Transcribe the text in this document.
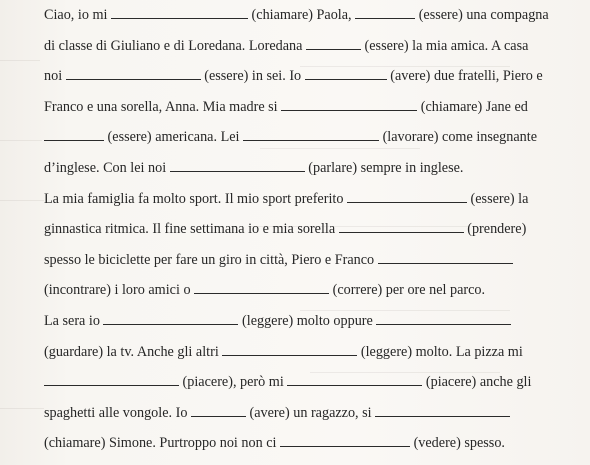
Ciao, io mi	(chiamare) Paola,	(essere) una compagna
di classe di Giuliano e di Loredana. Loredana	(essere) la mia amica. A casa
noi	(essere) in sei. Io	(avere) due fratelli, Piero e
Franco e una sorella, Anna. Mia madre si	(chiamare) Jane ed
(essere) americana. Lei	(lavorare) come insegnante
d’inglese. Con lei noi	(parlare) sempre in inglese.
La mia famiglia fa molto sport. Il mio sport preferito	(essere) la
ginnastica ritmica. Il fine settimana io e mia sorella	(prendere)
spesso le biciclette per fare un giro in città, Piero e Franco
(incontrare) i loro amici o	(correre) per ore nel parco.
La sera io	(leggere) molto oppure
(guardare) la tv. Anche gli altri	(leggere) molto. La pizza mi
(piacere), però mi	(piacere) anche gli
spaghetti alle vongole. Io	(avere) un ragazzo, si
(chiamare) Simone. Purtroppo noi non ci	(vedere) spesso.
